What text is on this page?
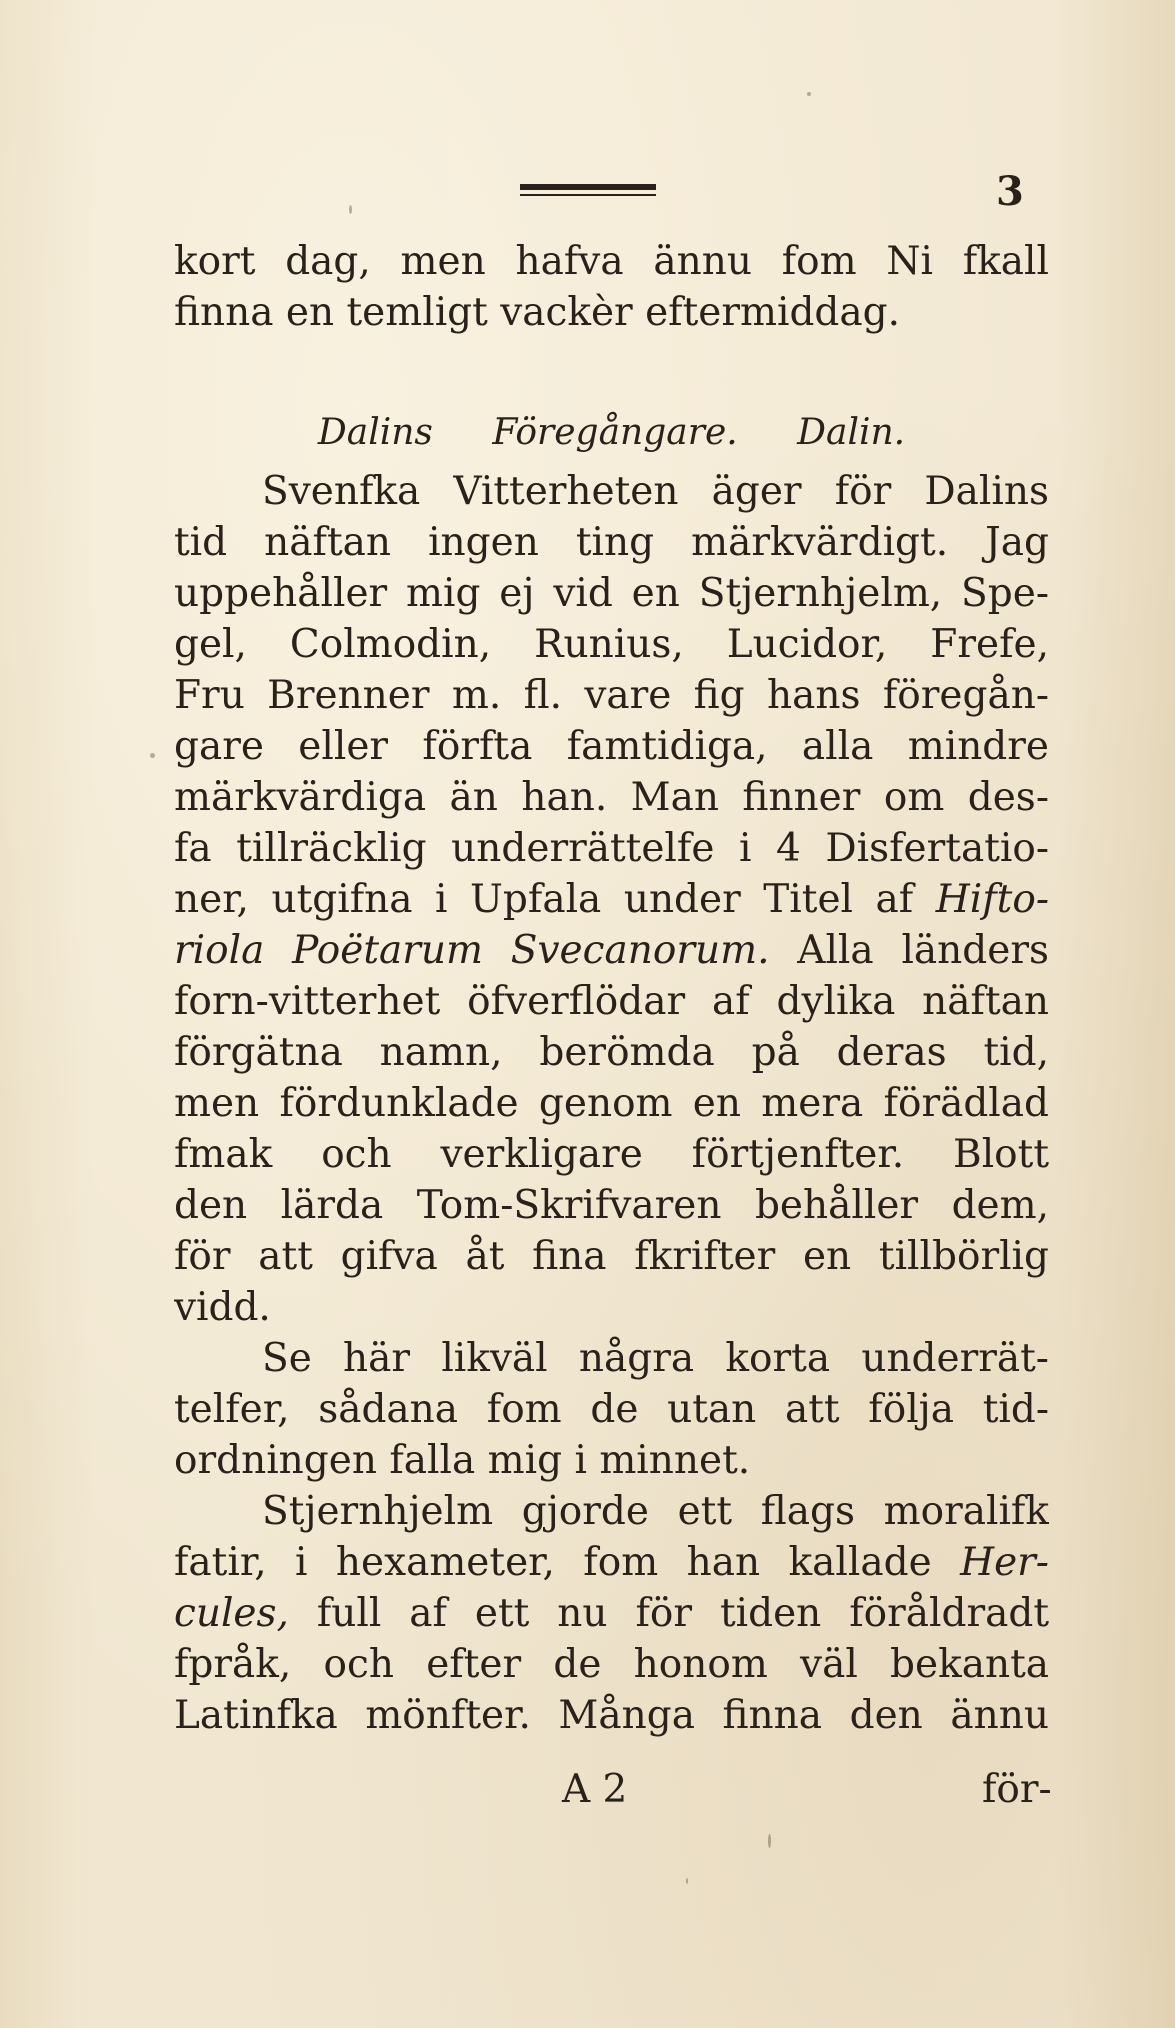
3
kort dag, men hafva ännu fom Ni fkall
finna en temligt vackèr eftermiddag.
Dalins Föregångare. Dalin.
Svenfka Vitterheten äger för Dalins
tid näftan ingen ting märkvärdigt. Jag
uppehåller mig ej vid en Stjernhjelm, Spe-
gel, Colmodin, Runius, Lucidor, Frefe,
Fru Brenner m. fl. vare fig hans föregån-
gare eller förfta famtidiga, alla mindre
märkvärdiga än han. Man finner om des-
fa tillräcklig underrättelfe i 4 Disfertatio-
ner, utgifna i Upfala under Titel af Hifto-
riola Poëtarum Svecanorum. Alla länders
forn-vitterhet öfverflödar af dylika näftan
förgätna namn, berömda på deras tid,
men fördunklade genom en mera förädlad
fmak och verkligare förtjenfter. Blott
den lärda Tom-Skrifvaren behåller dem,
för att gifva åt fina fkrifter en tillbörlig
vidd.
Se här likväl några korta underrät-
telfer, sådana fom de utan att följa tid-
ordningen falla mig i minnet.
Stjernhjelm gjorde ett flags moralifk
fatir, i hexameter, fom han kallade Her-
cules, full af ett nu för tiden föråldradt
fpråk, och efter de honom väl bekanta
Latinfka mönfter. Många finna den ännu
A 2	för-
